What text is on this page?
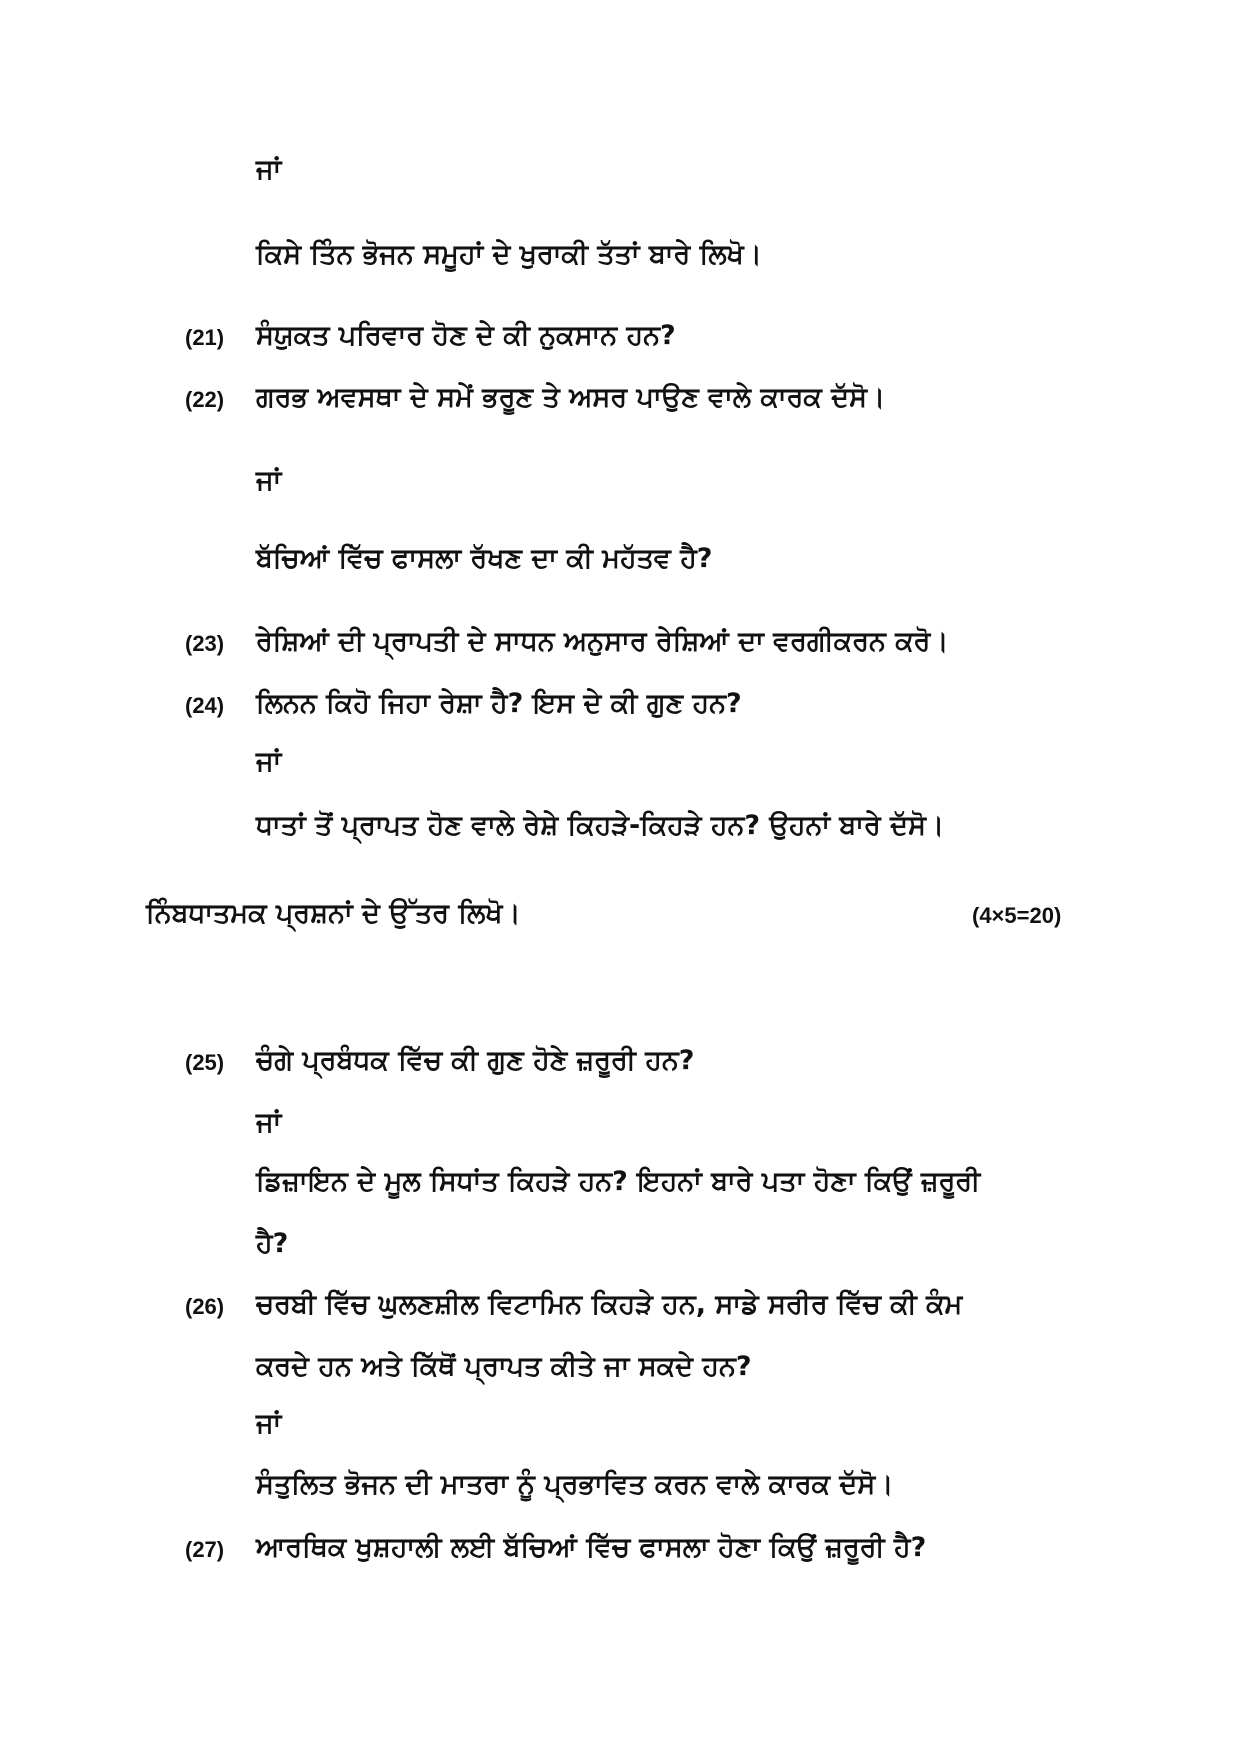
ਜਾਂ
ਕਿਸੇ ਤਿੰਨ ਭੋਜਨ ਸਮੂਹਾਂ ਦੇ ਖੁਰਾਕੀ ਤੱਤਾਂ ਬਾਰੇ ਲਿਖੋ।
(21) ਸੰਯੁਕਤ ਪਰਿਵਾਰ ਹੋਣ ਦੇ ਕੀ ਨੁਕਸਾਨ ਹਨ?
(22) ਗਰਭ ਅਵਸਥਾ ਦੇ ਸਮੇਂ ਭਰੂਣ ਤੇ ਅਸਰ ਪਾਉਣ ਵਾਲੇ ਕਾਰਕ ਦੱਸੋ।
ਜਾਂ
ਬੱਚਿਆਂ ਵਿੱਚ ਫਾਸਲਾ ਰੱਖਣ ਦਾ ਕੀ ਮਹੱਤਵ ਹੈ?
(23) ਰੇਸ਼ਿਆਂ ਦੀ ਪ੍ਰਾਪਤੀ ਦੇ ਸਾਧਨ ਅਨੁਸਾਰ ਰੇਸ਼ਿਆਂ ਦਾ ਵਰਗੀਕਰਨ ਕਰੋ।
(24) ਲਿਨਨ ਕਿਹੋ ਜਿਹਾ ਰੇਸ਼ਾ ਹੈ? ਇਸ ਦੇ ਕੀ ਗੁਣ ਹਨ?
ਜਾਂ
ਧਾਤਾਂ ਤੋਂ ਪ੍ਰਾਪਤ ਹੋਣ ਵਾਲੇ ਰੇਸ਼ੇ ਕਿਹੜੇ-ਕਿਹੜੇ ਹਨ? ਉਹਨਾਂ ਬਾਰੇ ਦੱਸੋ।
ਨਿੰਬਧਾਤਮਕ ਪ੍ਰਸ਼ਨਾਂ ਦੇ ਉੱਤਰ ਲਿਖੋ।	(4×5=20)
(25) ਚੰਗੇ ਪ੍ਰਬੰਧਕ ਵਿੱਚ ਕੀ ਗੁਣ ਹੋਣੇ ਜ਼ਰੂਰੀ ਹਨ?
ਜਾਂ
ਡਿਜ਼ਾਇਨ ਦੇ ਮੂਲ ਸਿਧਾਂਤ ਕਿਹੜੇ ਹਨ? ਇਹਨਾਂ ਬਾਰੇ ਪਤਾ ਹੋਣਾ ਕਿਉਂ ਜ਼ਰੂਰੀ
ਹੈ?
(26) ਚਰਬੀ ਵਿੱਚ ਘੁਲਣਸ਼ੀਲ ਵਿਟਾਮਿਨ ਕਿਹੜੇ ਹਨ, ਸਾਡੇ ਸਰੀਰ ਵਿੱਚ ਕੀ ਕੰਮ
ਕਰਦੇ ਹਨ ਅਤੇ ਕਿੱਥੋਂ ਪ੍ਰਾਪਤ ਕੀਤੇ ਜਾ ਸਕਦੇ ਹਨ?
ਜਾਂ
ਸੰਤੁਲਿਤ ਭੋਜਨ ਦੀ ਮਾਤਰਾ ਨੂੰ ਪ੍ਰਭਾਵਿਤ ਕਰਨ ਵਾਲੇ ਕਾਰਕ ਦੱਸੋ।
(27) ਆਰਥਿਕ ਖੁਸ਼ਹਾਲੀ ਲਈ ਬੱਚਿਆਂ ਵਿੱਚ ਫਾਸਲਾ ਹੋਣਾ ਕਿਉਂ ਜ਼ਰੂਰੀ ਹੈ?
